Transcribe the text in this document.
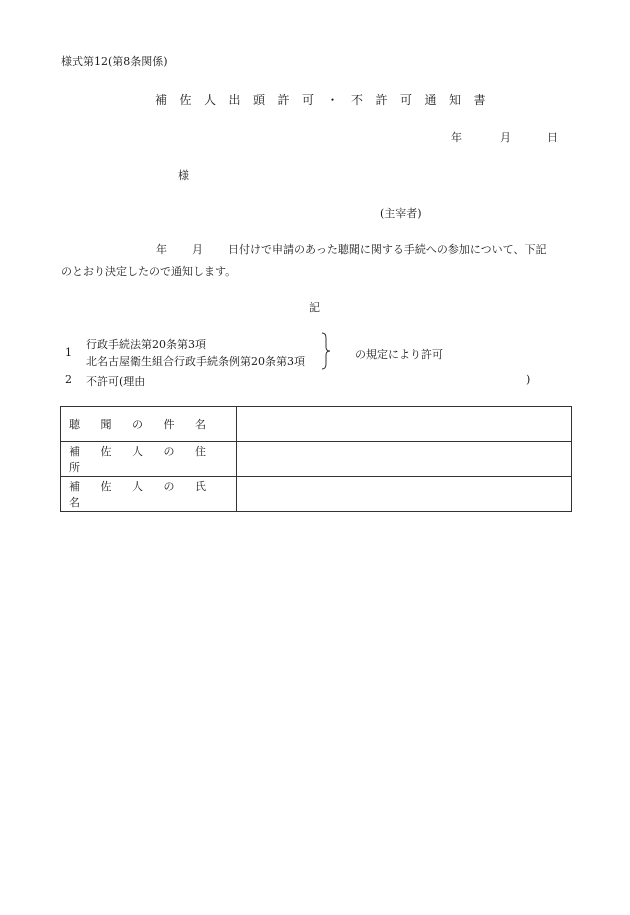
様式第12(第8条関係)
補佐人出頭許可・不許可通知書
年	月	日
様
(主宰者)
年 月 日付けで申請のあった聴聞に関する手続への参加について、下記
のとおり決定したので通知します。
記
1
行政手続法第20条第3項
北名古屋衛生組合行政手続条例第20条第3項
の規定により許可
2 不許可(理由	)
聴聞の件名	
補佐人の住所	
補佐人の氏名	
